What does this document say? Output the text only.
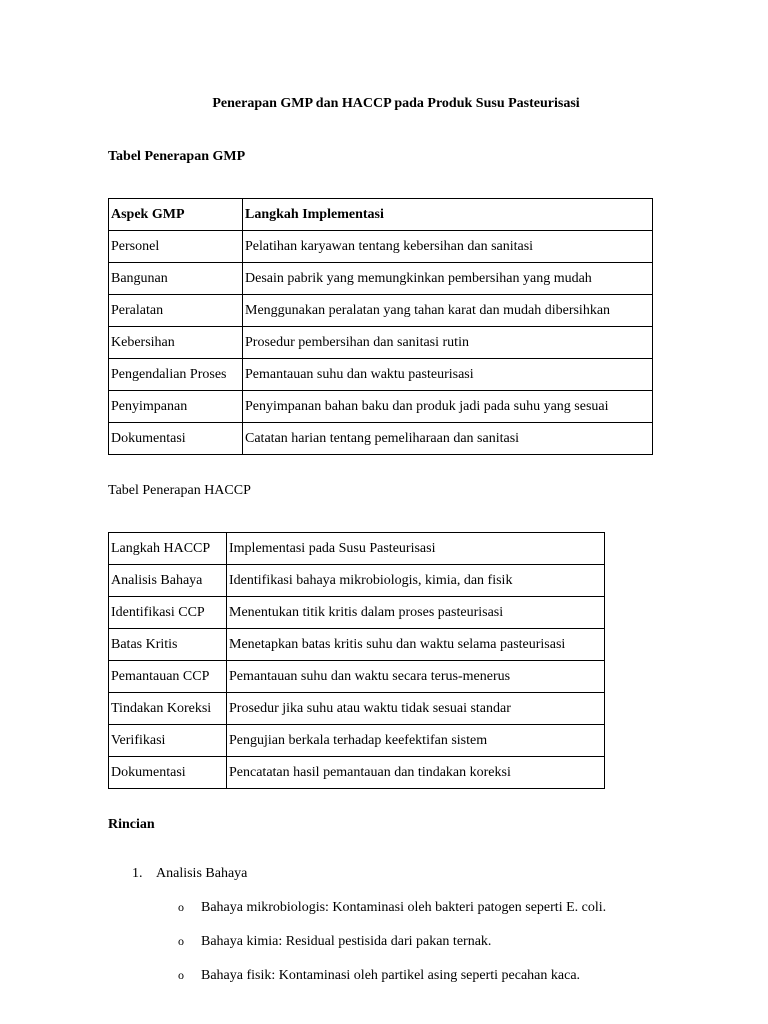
Penerapan GMP dan HACCP pada Produk Susu Pasteurisasi
Tabel Penerapan GMP
Aspek GMP	Langkah Implementasi
Personel	Pelatihan karyawan tentang kebersihan dan sanitasi
Bangunan	Desain pabrik yang memungkinkan pembersihan yang mudah
Peralatan	Menggunakan peralatan yang tahan karat dan mudah dibersihkan
Kebersihan	Prosedur pembersihan dan sanitasi rutin
Pengendalian Proses	Pemantauan suhu dan waktu pasteurisasi
Penyimpanan	Penyimpanan bahan baku dan produk jadi pada suhu yang sesuai
Dokumentasi	Catatan harian tentang pemeliharaan dan sanitasi
Tabel Penerapan HACCP
Langkah HACCP	Implementasi pada Susu Pasteurisasi
Analisis Bahaya	Identifikasi bahaya mikrobiologis, kimia, dan fisik
Identifikasi CCP	Menentukan titik kritis dalam proses pasteurisasi
Batas Kritis	Menetapkan batas kritis suhu dan waktu selama pasteurisasi
Pemantauan CCP	Pemantauan suhu dan waktu secara terus-menerus
Tindakan Koreksi	Prosedur jika suhu atau waktu tidak sesuai standar
Verifikasi	Pengujian berkala terhadap keefektifan sistem
Dokumentasi	Pencatatan hasil pemantauan dan tindakan koreksi
Rincian
1. Analisis Bahaya
o Bahaya mikrobiologis: Kontaminasi oleh bakteri patogen seperti E. coli.
o Bahaya kimia: Residual pestisida dari pakan ternak.
o Bahaya fisik: Kontaminasi oleh partikel asing seperti pecahan kaca.
